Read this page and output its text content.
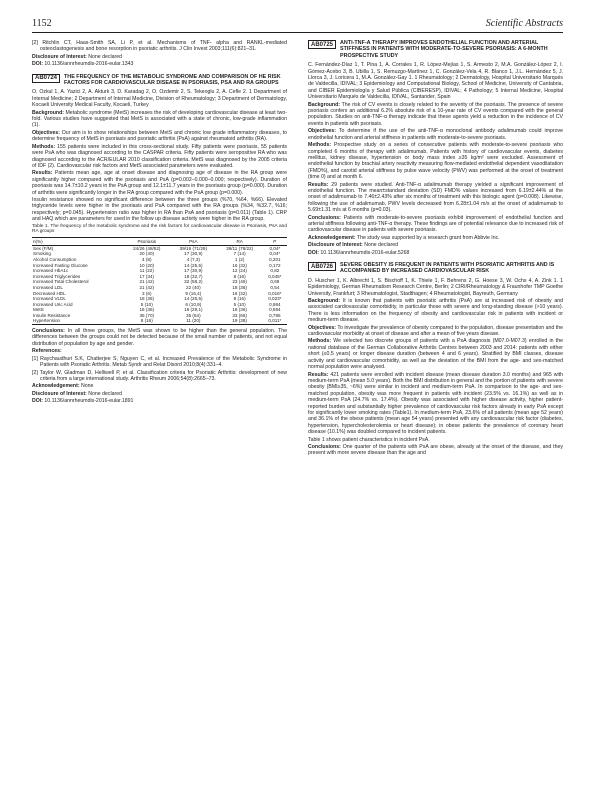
1152	Scientific Abstracts

[2] Ritchlin CT, Haas-Smith SA, Li P, et al. Mechanisms of TNF- alpha and RANKL-mediated osteoclastogenesis and bone resorption in psoriatic arthritis. J Clin Invest 2003;111(6):821–31.

Disclosure of Interest: None declared

DOI: 10.1136/annrheumdis-2016-eular.1343

AB0724	THE FREQUENCY OF THE METABOLIC SYNDROME AND COMPARISON OF HE RISK FACTORS FOR CARDIOVASCULAR DISEASE IN PSORIASIS, PSA AND RA GROUPS

O. Ozkul 1, A. Yazici 2, A. Akturk 3, D. Karadag 2, O. Ozdemir 2, S. Tekeoglu 2, A. Cefle 2. 1 Department of Internal Medicine; 2 Department of Internal Medicine, Division of Rheumatology; 3 Department of Dermatology, Kocaeli University Medical Faculty, Kocaeli, Turkey

Background: Metabolic syndrome (MetS) increases the risk of developing cardiovascular disease at least two-fold. Various studies have suggested that MetS is associated with a state of chronic, low-grade inflammation (1).

Objectives: Our aim is to show relationships between MetS and chronic low grade inflammatory diseases, to determine frequency of MetS in psoriasis and psoriatic arthritis (PsA) against rheumatoid arthritis (RA).

Methods: 155 patients were included in this cross-sectional study. Fifty patients were psoriasis, 55 patients were PsA who was diagnosed according to the CASPAR criteria. Fifty patients were seropositive RA who was diagnosed according to the ACR/EULAR 2010 classification criteria. MetS was diagnosed by the 2005 criteria of IDF (2). Cardiovascular risk factors and MetS associated parameters were evaluated.

Results: Patients mean age, age at onset disease and diagnosing age of disease in the RA group were significantly higher compared with the psoriasis and PsA (p=0.002–0.000–0.000; respectively). Duration of psoriasis was 14.7±10.2 years in the PsA group and 12.1±11.7 years in the psoriasis group (p=0.000). Duration of arthritis were significantly longer in the RA group compared with the PsA group (p=0.000).

Insulin resistance showed no significant difference between the three groups (%70, %64, %66). Elevated triglyceride levels were higher in the psoriasis and PsA compared with the RA groups (%34, %32.7, %16; respectively; p=0.045). Hypertension ratio was higher in RA than PsA and psoriasis (p=0.011) (Table 1). CRP and HAQ which are parameters for used in the follow up disease activity were higher in the RA group.

Table 1. The frequency of the metabolic syndrome and the risk factors for cardiovascular disease in Psoriasis, PsA and RA groups

n(%)	Psoriasis	PsA	RA	P
Sex (F/M)	24/26 (48/52)	39/16 (71/29)	39/11 (78/22)	0,04*
Smoking	20 (40)	17 (30,9)	7 (14)	0,04*
Alcohol Consumption	4 (8)	4 (7,3)	1 (2)	0,201
Increased Fasting Glucose	10 (20)	14 (25,5)	16 (32)	0,172
Increased HbA1c	11 (22)	17 (30,9)	12 (24)	0,82
Increased Triglycerides	17 (34)	18 (32,7)	8 (16)	0,045*
Increased Total Cholesterol	21 (42)	32 (58,2)	23 (46)	0,69
Increased LDL	21 (42)	22 (40)	18 (36)	0,54
Decreased HDL	3 (6)	9 (16,4)	16 (32)	0,016*
Increased VLDL	18 (36)	14 (25,5)	8 (16)	0,023*
Increased Uric Acid	5 (10)	6 (10,9)	5 (10)	0,984
MetS	18 (36)	16 (29,1)	18 (36)	0,694
Insulin Resistance	35 (70)	35 (64)	33 (66)	0,785
Hypertension	8 (16)	11 (20)	19 (38)	0,011*

Conclusions: In all three groups, the MetS was shown to be higher than the general population. The differences between the groups could not be detected because of the small number of patients, and not equal distribution of population by age and gender.

References:

[1] Raychaudhuri S.K, Chatterjee S, Nguyen C, et al. Increased Prevalence of the Metabolic Syndrome in Patients with Psoriatic Arthritis. Metab Syndr and Relat Disord 2010;8(4):331–4.

[2] Taylor W, Gladman D, Helliwell P, et al. Classification criteria for Psoriatic Arthritis: development of new criteria from a large international study. Arthritis Rheum 2006;54(8):2665–73.

Acknowledgement: None

Disclosure of Interest: None declared

DOI: 10.1136/annrheumdis-2016-eular.1891

AB0725	ANTI-TNF-Α THERAPY IMPROVES ENDOTHELIAL FUNCTION AND ARTERIAL STIFFNESS IN PATIENTS WITH MODERATE-TO-SEVERE PSORIASIS: A 6-MONTH PROSPECTIVE STUDY

C. Fernández-Díaz 1, T. Pina 1, A. Corrales 1, R. López-Mejías 1, S. Armesto 2, M.A. González-López 2, I. Gómez-Acebo 3, B. Ubilla 1, S. Remuzgo-Martínez 1, C. González-Vela 4, R. Blanco 1, J.L. Hernández 5, J. Llorca 3, J. Loricera 1, M.A. González-Gay 1. 1 Rheumatology; 2 Dermatology, Hospital Universitario Marqués de Valdecilla, IDIVAL; 3 Epidemiology and Computational Biology, School of Medicine, University of Cantabria, and CIBER Epidemiología y Salud Pública (CIBERESP), IDIVAL; 4 Pathology; 5 Internal Medicine, Hospital Universitario Marqués de Valdecilla, IDIVAL, Santander, Spain

Background: The risk of CV events is closely related to the severity of the psoriasis. The presence of severe psoriasis confers an additional 6.2% absolute risk of a 10-year rate of CV events compared with the general population. Studies on anti-TNF-α therapy indicate that these agents yield a reduction in the incidence of CV events in patients with psoriasis.

Objectives: To determine if the use of the anti-TNF-α monoclonal antibody adalimumab could improve endothelial function and arterial stiffness in patients with moderate-to-severe psoriasis.

Methods: Prospective study on a series of consecutive patients with moderate-to-severe psoriasis who completed 6 months of therapy with adalimumab. Patients with history of cardiovascular events, diabetes mellitus, kidney disease, hypertension or body mass index ≥35 kg/m² were excluded. Assessment of endothelial function by brachial artery reactivity measuring flow-mediated endothelial dependent vasodilatation (FMD%), and carotid arterial stiffness by pulse wave velocity (PWV) was performed at the onset of treatment (time 0) and at month 6.

Results: 29 patients were studied. Anti-TNF-α adalimumab therapy yielded a significant improvement of endothelial function. The mean±standard deviation (SD) FMD% values increased from 6.19±2.44% at the onset of adalimumab to 7.46±2.43% after six months of treatment with this biologic agent (p=0.008). Likewise, following the use of adalimumab, PWV levels decreased from 6.28±1.04 m/s at the onset of adalimumab to 5.69±1.31 m/s at 6 months (p=0.03).

Conclusions: Patients with moderate-to-severe psoriasis exhibit improvement of endothelial function and arterial stiffness following anti-TNF-α therapy. These findings are of potential relevance due to increased risk of cardiovascular disease in patients with severe psoriasis.

Acknowledgement: The study was supported by a research grant from Abbvie Inc.

Disclosure of Interest: None declared

DOI: 10.1136/annrheumdis-2016-eular.5268

AB0726	SEVERE OBESITY IS FREQUENT IN PATIENTS WITH PSORIATIC ARTHRITIS AND IS ACCOMPANIED BY INCREASED CARDIOVASCULAR RISK

D. Huscher 1, K. Albrecht 1, S. Bischoff 1, K. Thiele 1, F. Behrens 2, G. Hoese 3, W. Ochs 4, A. Zink 1. 1 Epidemiology, German Rheumatism Research Centre, Berlin; 2 CIRI/Rheumatology & Fraunhofer TMP Goethe University, Frankfurt; 3 Rheumatologist, Stadthagen; 4 Rheumatologist, Bayreuth, Germany

Background: It is known that patients with psoriatic arthritis (PsA) are at increased risk of obesity and associated cardiovascular comorbidity, in particular those with severe and long-standing disease (>10 years). There is less information on the frequency of obesity and cardiovascular risk in patients with incident or medium-term disease.

Objectives: To investigate the prevalence of obesity compared to the population, disease presentation and the cardiovascular morbidity at onset of disease and after a mean of five years disease.

Methods: We selected two discrete groups of patients with a PsA diagnosis (M07.0-M07.3) enrolled in the national database of the German Collaborative Arthritis Centres between 2003 and 2014: patients with either short (≤0.5 years) or longer disease duration (between 4 and 6 years). Stratified by BMI classes, disease activity and cardiovascular comorbidity, as well as the deviation of the BMI from the age- and sex-matched normal population were analysed.

Results: 421 patients were enrolled with incident disease (mean disease duration 3.0 months) and 965 with medium-term PsA (mean 5.0 years). Both the BMI distribution in general and the portion of patients with severe obesity (BMI≥35, ~6%) were similar in incident and medium-term PsA. In comparison to the age- and sex-matched population, obesity was more frequent in patients with incident (23.5% vs. 16.1%) as well as in medium-term PsA (24.7% vs. 17.4%). Obesity was associated with higher disease activity, higher patient-reported burden and substantially higher prevalence of cardiovascular risk factors already in early PsA except for significantly lower smoking rates (Table1). In medium-term PsA, 23.6% of all patients (mean age 52 years) and 36.1% of the obese patients (mean age 54 years) presented with any cardiovascular risk factor (diabetes, hypertension, hypercholesterolemia or heart disease); in obese patients the prevalence of coronary heart disease (10.1%) was doubled compared to incident patients.

Table 1 shows patient characteristics in incident PsA.

Conclusions: One quarter of the patients with PsA are obese, already at the onset of the disease, and they present with more severe disease than the age and
